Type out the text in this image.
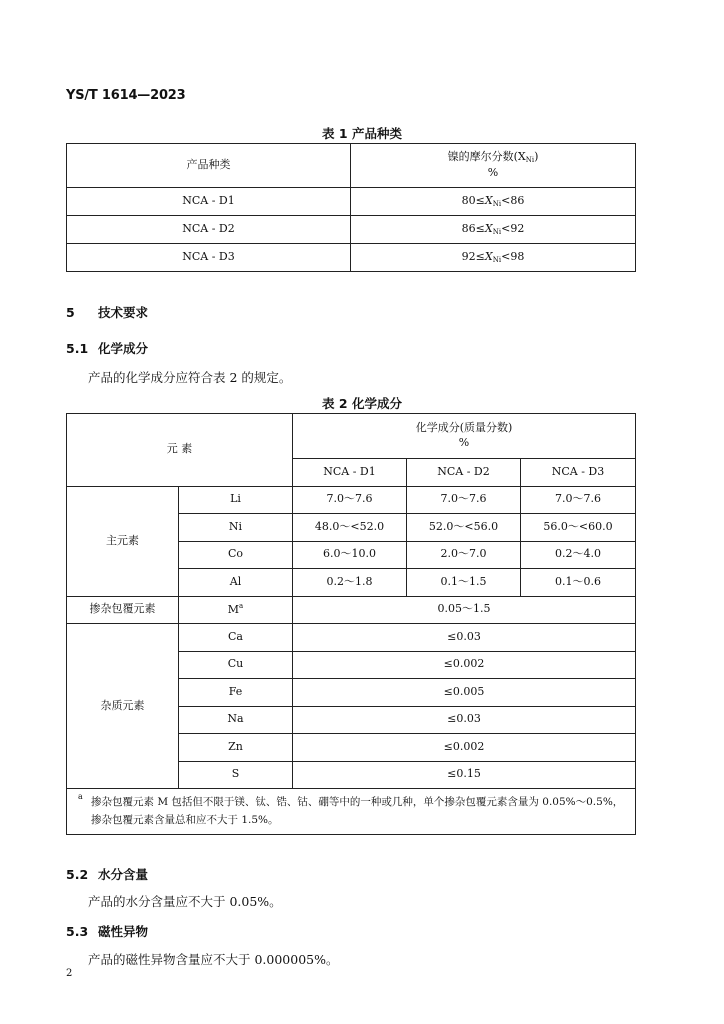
YS/T 1614—2023
表 1 产品种类
产品种类	镍的摩尔分数$(X_{Ni})$
%
NCA - D1	$80\le X_{Ni}<86$
NCA - D2	$86\le X_{Ni}<92$
NCA - D3	$92\le X_{Ni}<98$
5 技术要求
5.1 化学成分
产品的化学成分应符合表 2 的规定。
表 2 化学成分
元 素		化学成分(质量分数)
%		
		NCA - D1	NCA - D2	NCA - D3
主元素	Li	7.0～7.6	7.0～7.6	7.0～7.6
	Ni	48.0～<52.0	52.0～<56.0	56.0～<60.0
	Co	6.0～10.0	2.0～7.0	0.2～4.0
	Al	0.2～1.8	0.1～1.5	0.1～0.6
掺杂包覆元素	$M^a$	0.05～1.5		
杂质元素	Ca	≤0.03		
	Cu	≤0.002		
	Fe	≤0.005		
	Na	≤0.03		
	Zn	≤0.002		
	S	≤0.15		

a 掺杂包覆元素 M 包括但不限于镁、钛、锆、钴、硼等中的一种或几种，单个掺杂包覆元素含量为 0.05%～0.5%，
掺杂包覆元素含量总和应不大于 1.5%。				
5.2 水分含量
产品的水分含量应不大于 0.05%。
5.3 磁性异物
产品的磁性异物含量应不大于 0.000005%。
2
